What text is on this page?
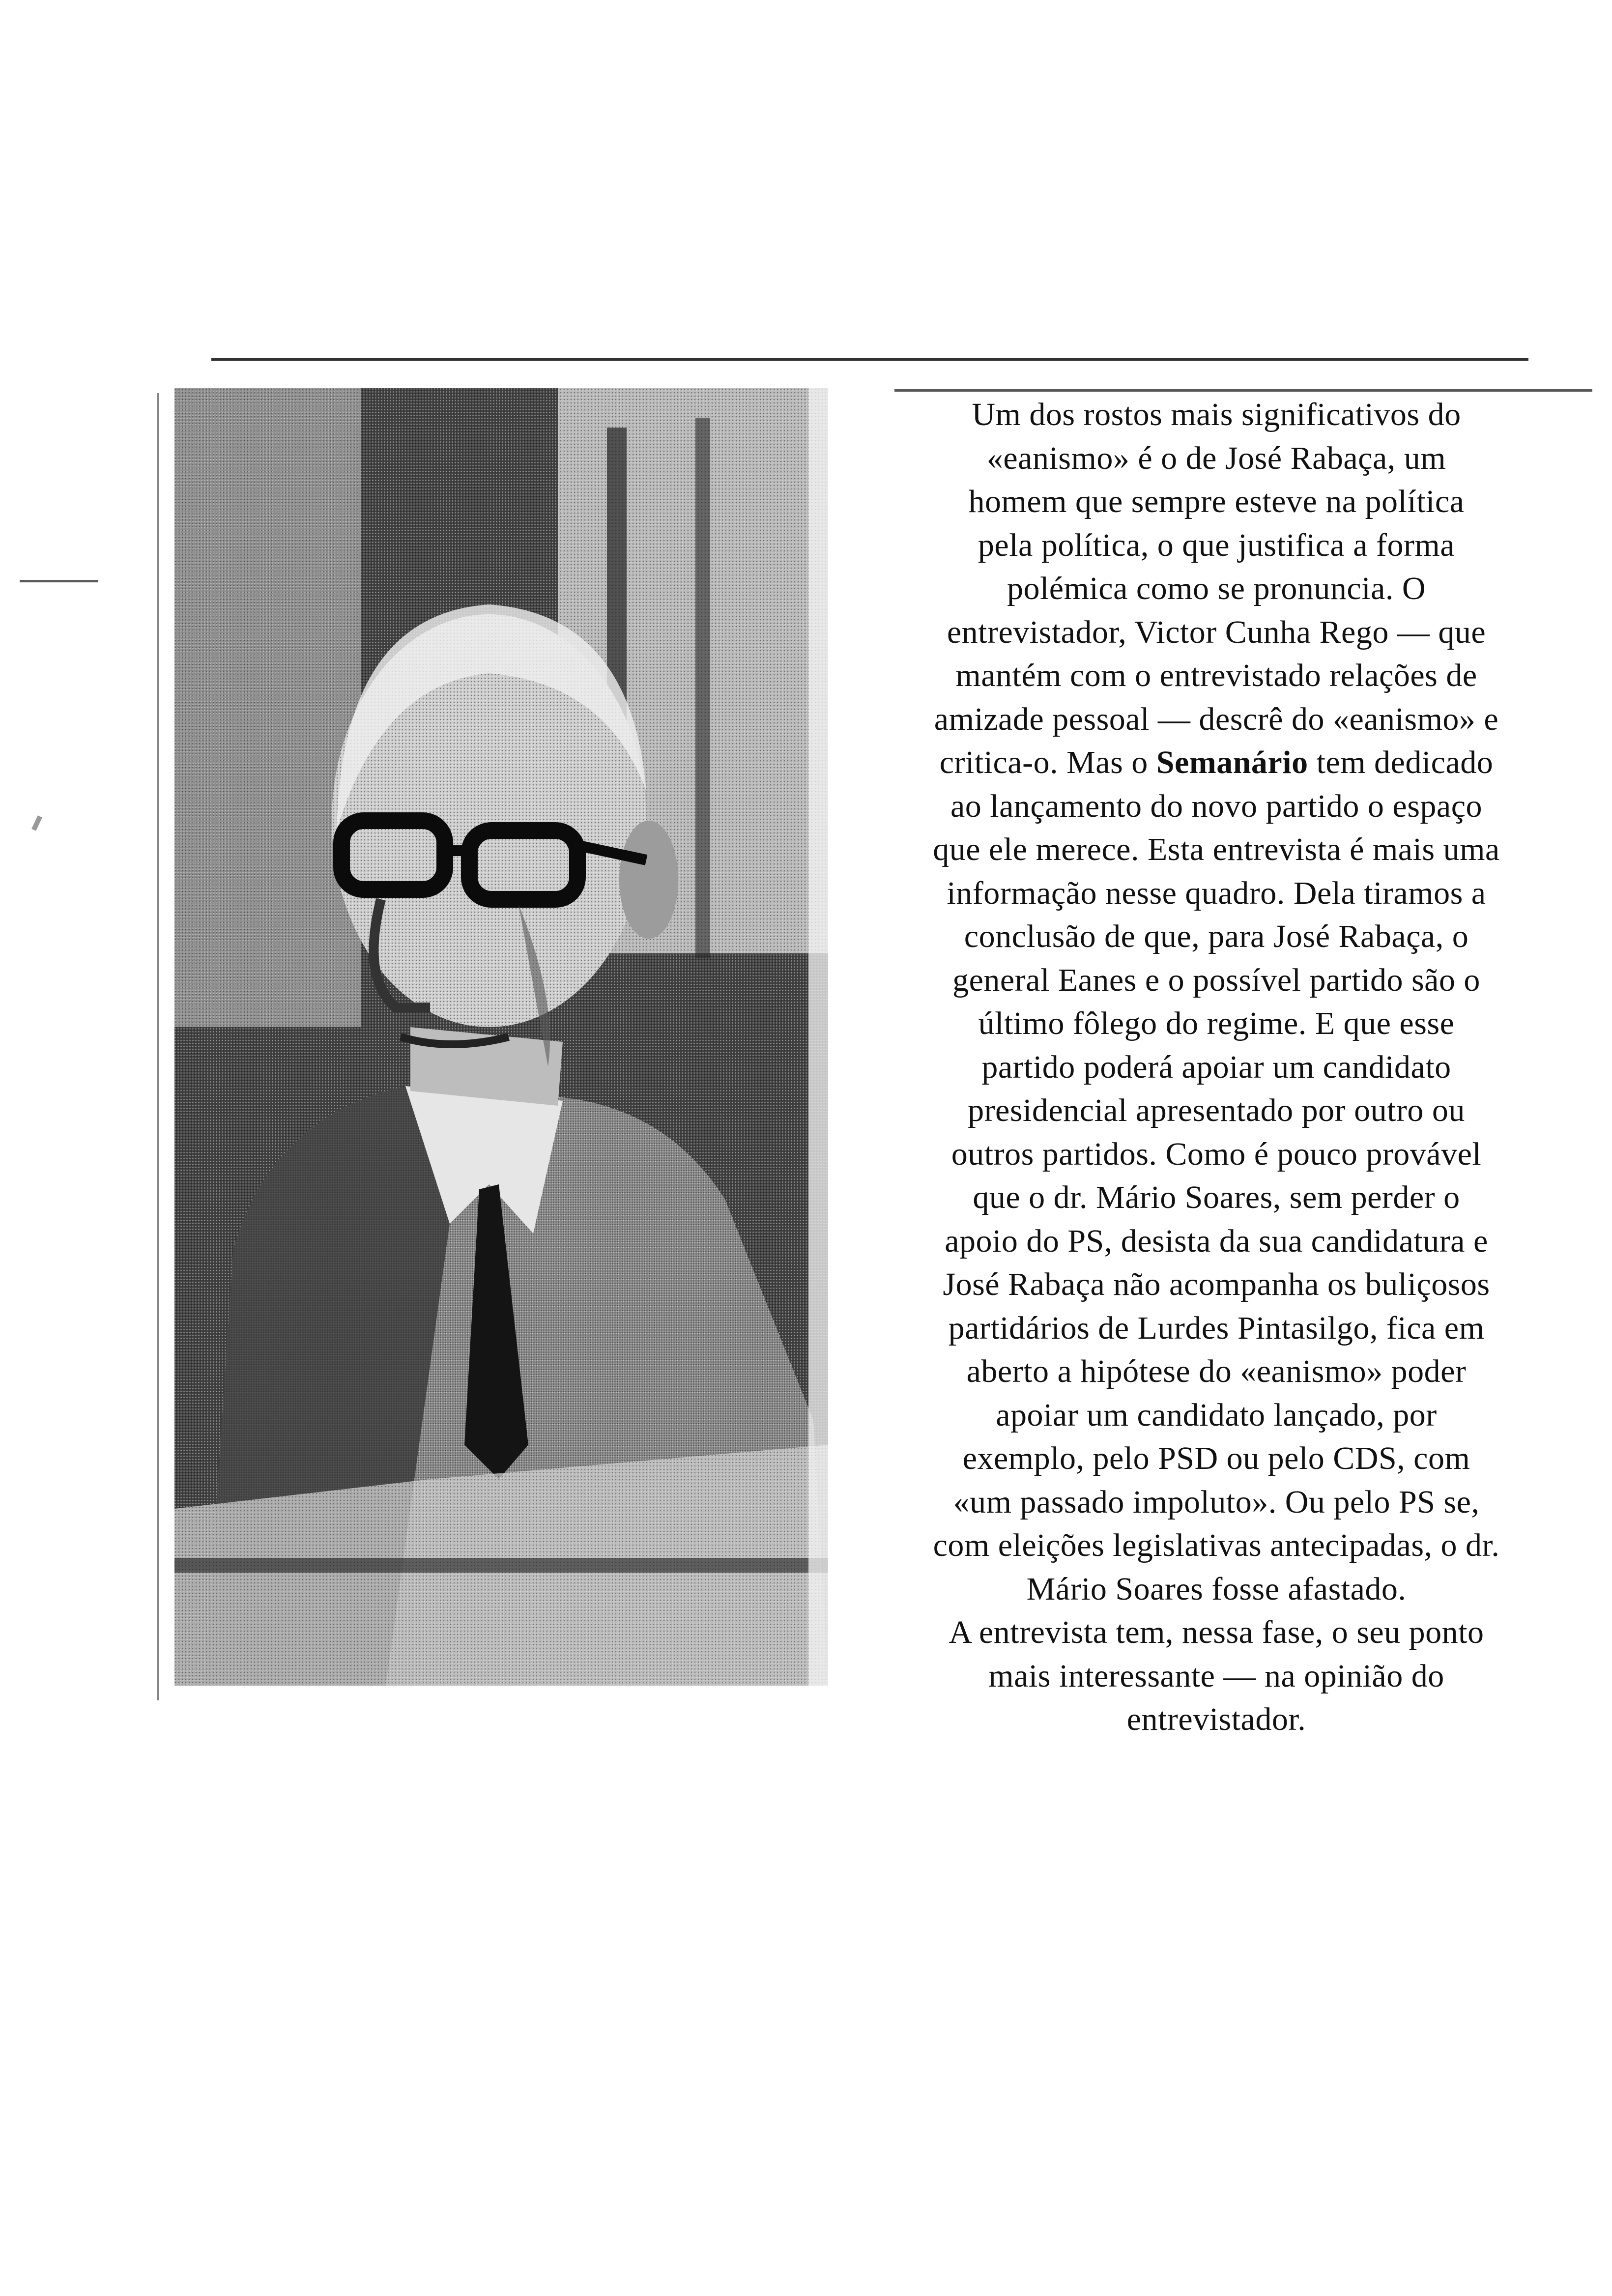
Um dos rostos mais significativos do
«eanismo» é o de José Rabaça, um
homem que sempre esteve na política
pela política, o que justifica a forma
polémica como se pronuncia. O
entrevistador, Victor Cunha Rego — que
mantém com o entrevistado relações de
amizade pessoal — descrê do «eanismo» e
critica-o. Mas o Semanário tem dedicado
ao lançamento do novo partido o espaço
que ele merece. Esta entrevista é mais uma
informação nesse quadro. Dela tiramos a
conclusão de que, para José Rabaça, o
general Eanes e o possível partido são o
último fôlego do regime. E que esse
partido poderá apoiar um candidato
presidencial apresentado por outro ou
outros partidos. Como é pouco provável
que o dr. Mário Soares, sem perder o
apoio do PS, desista da sua candidatura e
José Rabaça não acompanha os buliçosos
partidários de Lurdes Pintasilgo, fica em
aberto a hipótese do «eanismo» poder
apoiar um candidato lançado, por
exemplo, pelo PSD ou pelo CDS, com
«um passado impoluto». Ou pelo PS se,
com eleições legislativas antecipadas, o dr.
Mário Soares fosse afastado.
A entrevista tem, nessa fase, o seu ponto
mais interessante — na opinião do
entrevistador.
